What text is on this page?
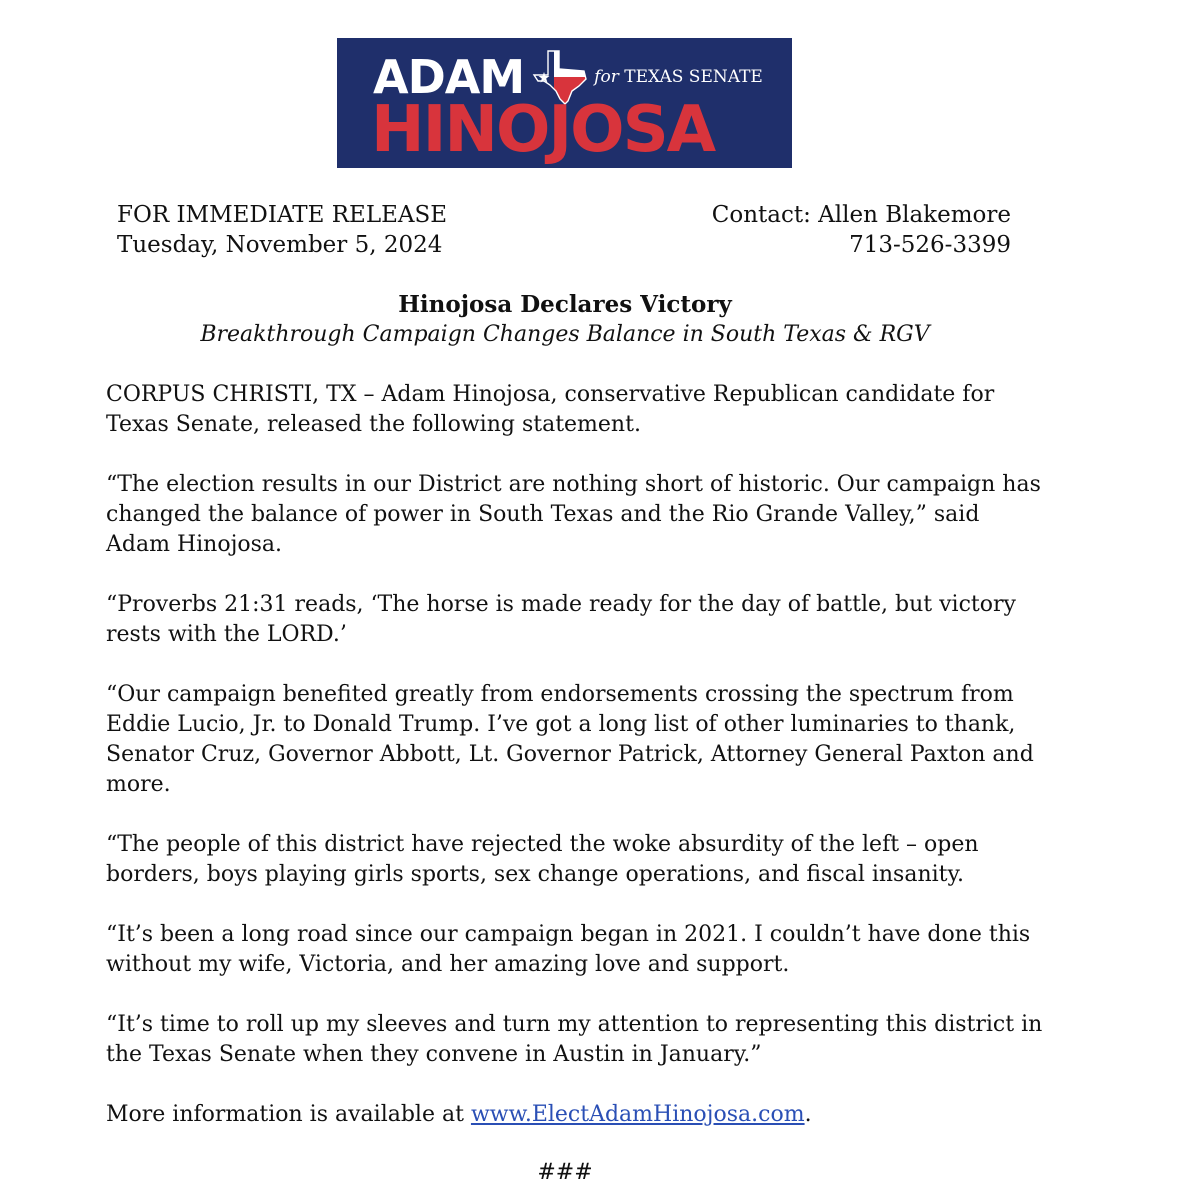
ADAM	for TEXAS SENATE
HINOJOSA
FOR IMMEDIATE RELEASE
Tuesday, November 5, 2024
Contact: Allen Blakemore
713-526-3399
Hinojosa Declares Victory
Breakthrough Campaign Changes Balance in South Texas & RGV

CORPUS CHRISTI, TX – Adam Hinojosa, conservative Republican candidate for Texas Senate, released the following statement.

“The election results in our District are nothing short of historic. Our campaign has changed the balance of power in South Texas and the Rio Grande Valley,” said Adam Hinojosa.

“Proverbs 21:31 reads, ‘The horse is made ready for the day of battle, but victory rests with the LORD.’

“Our campaign benefited greatly from endorsements crossing the spectrum from Eddie Lucio, Jr. to Donald Trump. I’ve got a long list of other luminaries to thank, Senator Cruz, Governor Abbott, Lt. Governor Patrick, Attorney General Paxton and more.

“The people of this district have rejected the woke absurdity of the left – open borders, boys playing girls sports, sex change operations, and fiscal insanity.

“It’s been a long road since our campaign began in 2021. I couldn’t have done this without my wife, Victoria, and her amazing love and support.

“It’s time to roll up my sleeves and turn my attention to representing this district in the Texas Senate when they convene in Austin in January.”

More information is available at www.ElectAdamHinojosa.com.

###
